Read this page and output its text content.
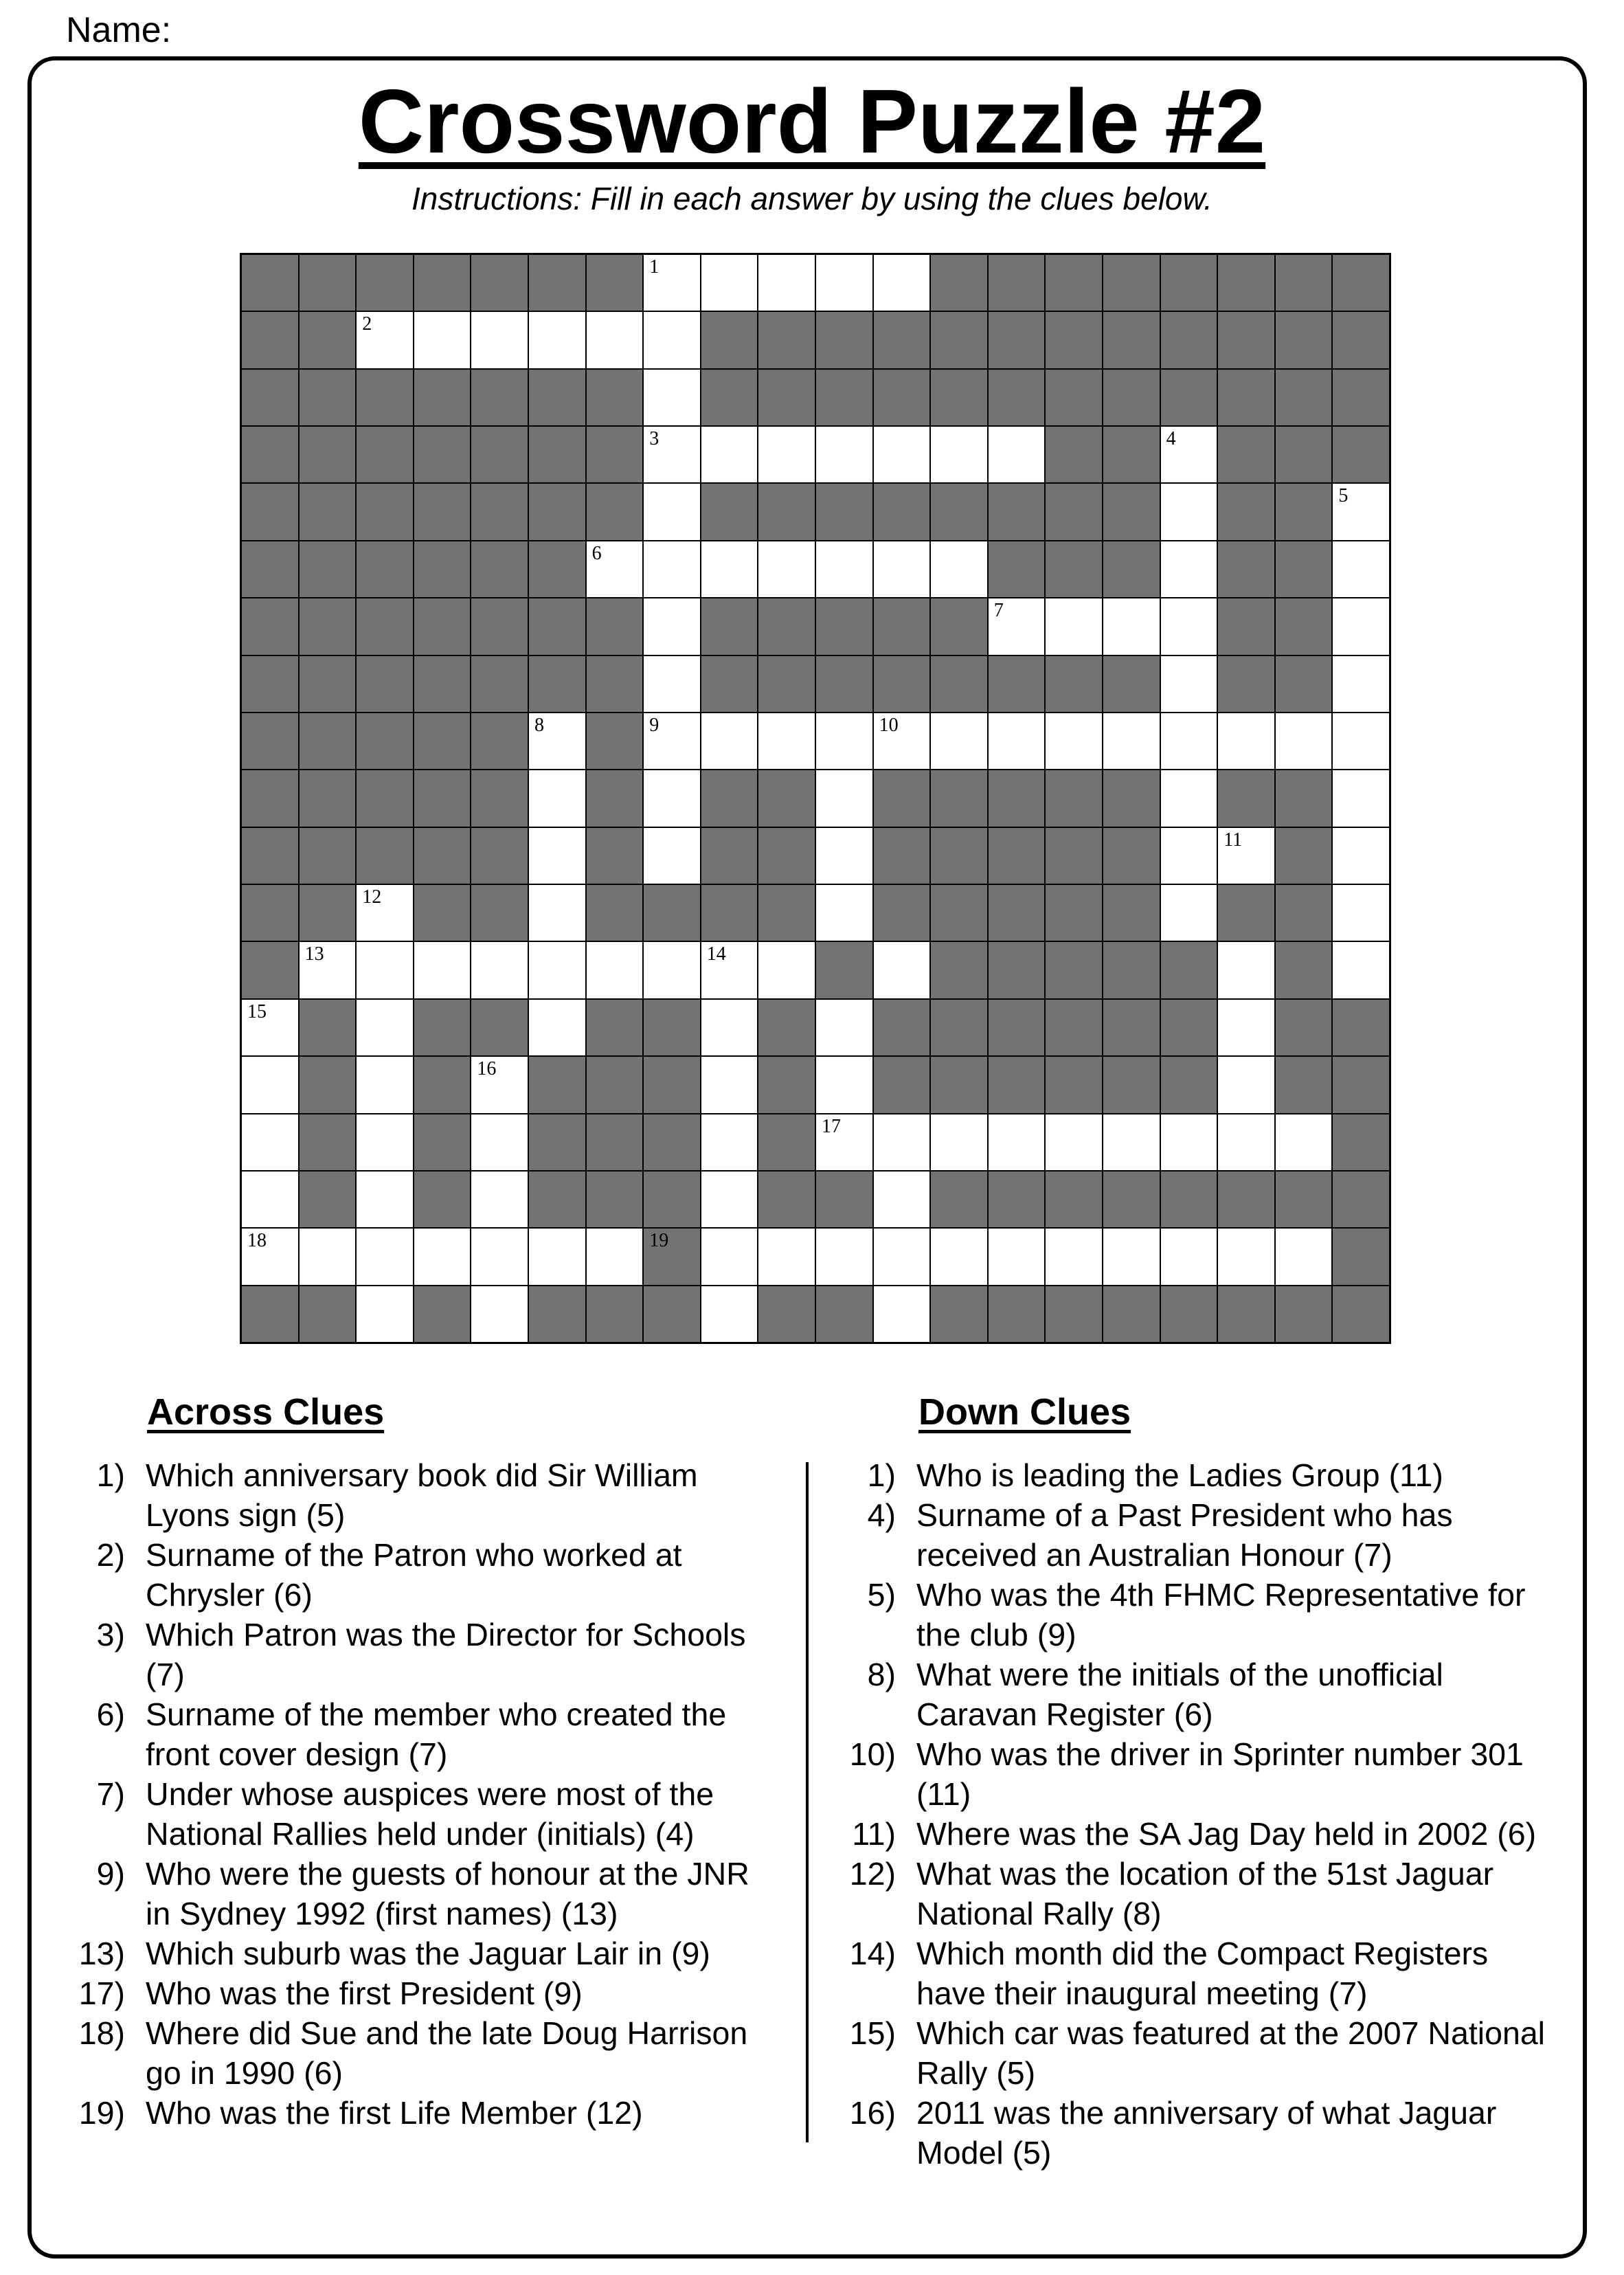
Name:
Crossword Puzzle #2
Instructions: Fill in each answer by using the clues below.
1
2
3	4
5
6
7
8	9	10
11
12
13	14
15
16
17
18	19
Across Clues	Down Clues
1) Which anniversary book did Sir William Lyons sign (5)
2) Surname of the Patron who worked at Chrysler (6)
3) Which Patron was the Director for Schools (7)
6) Surname of the member who created the front cover design (7)
7) Under whose auspices were most of the National Rallies held under (initials) (4)
9) Who were the guests of honour at the JNR in Sydney 1992 (first names) (13)
13) Which suburb was the Jaguar Lair in (9)
17) Who was the first President (9)
18) Where did Sue and the late Doug Harrison go in 1990 (6)
19) Who was the first Life Member (12)
1) Who is leading the Ladies Group (11)
4) Surname of a Past President who has received an Australian Honour (7)
5) Who was the 4th FHMC Representative for the club (9)
8) What were the initials of the unofficial Caravan Register (6)
10) Who was the driver in Sprinter number 301 (11)
11) Where was the SA Jag Day held in 2002 (6)
12) What was the location of the 51st Jaguar National Rally (8)
14) Which month did the Compact Registers have their inaugural meeting (7)
15) Which car was featured at the 2007 National Rally (5)
16) 2011 was the anniversary of what Jaguar Model (5)
